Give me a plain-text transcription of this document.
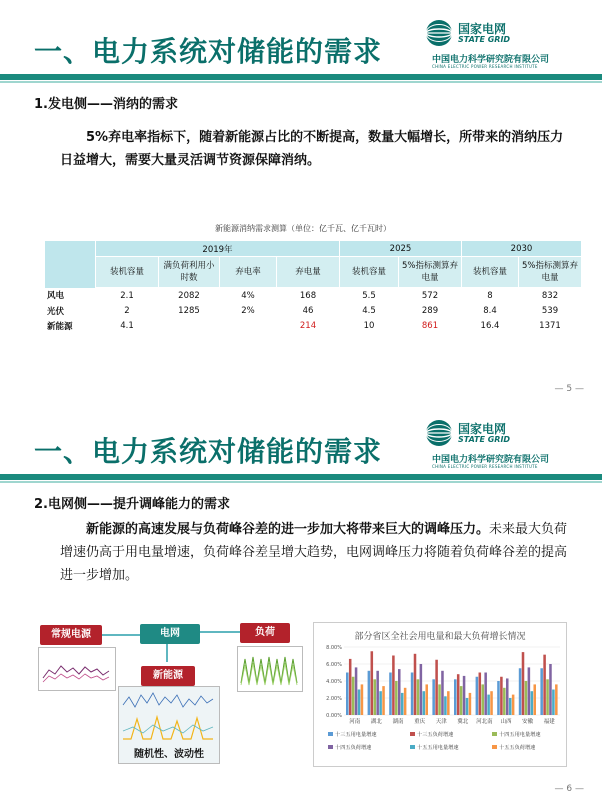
一、电力系统对储能的需求
国家电网
STATE GRID
中国电力科学研究院有限公司
CHINA ELECTRIC POWER RESEARCH INSTITUTE
1.发电侧——消纳的需求
5%弃电率指标下，随着新能源占比的不断提高，数量大幅增长，所带来的消纳压力日益增大，需要大量灵活调节资源保障消纳。
新能源消纳需求测算（单位：亿千瓦、亿千瓦时）
	2019年				2025		2030	
	装机容量	满负荷利用小时数	弃电率	弃电量	装机容量	5%指标测算弃电量	装机容量	5%指标测算弃电量
风电	2.1	2082	4%	168	5.5	572	8	832
光伏	2	1285	2%	46	4.5	289	8.4	539
新能源	4.1			214	10	861	16.4	1371
— 5 —
一、电力系统对储能的需求
国家电网
STATE GRID
中国电力科学研究院有限公司
CHINA ELECTRIC POWER RESEARCH INSTITUTE
2.电网侧——提升调峰能力的需求
新能源的高速发展与负荷峰谷差的进一步加大将带来巨大的调峰压力。未来最大负荷增速仍高于用电量增速，负荷峰谷差呈增大趋势，电网调峰压力将随着负荷峰谷差的提高进一步增加。
常规电源	电网	负荷
新能源
随机性、波动性
部分省区全社会用电量和最大负荷增长情况
8.00%
6.00%
4.00%
2.00%
0.00%
河南 湖北 湖南 重庆 天津 冀北 河北南 山西 安徽 福建
十三五用电量增速	十三五负荷增速	十四五用电量增速
十四五负荷增速	十五五用电量增速	十五五负荷增速
— 6 —
